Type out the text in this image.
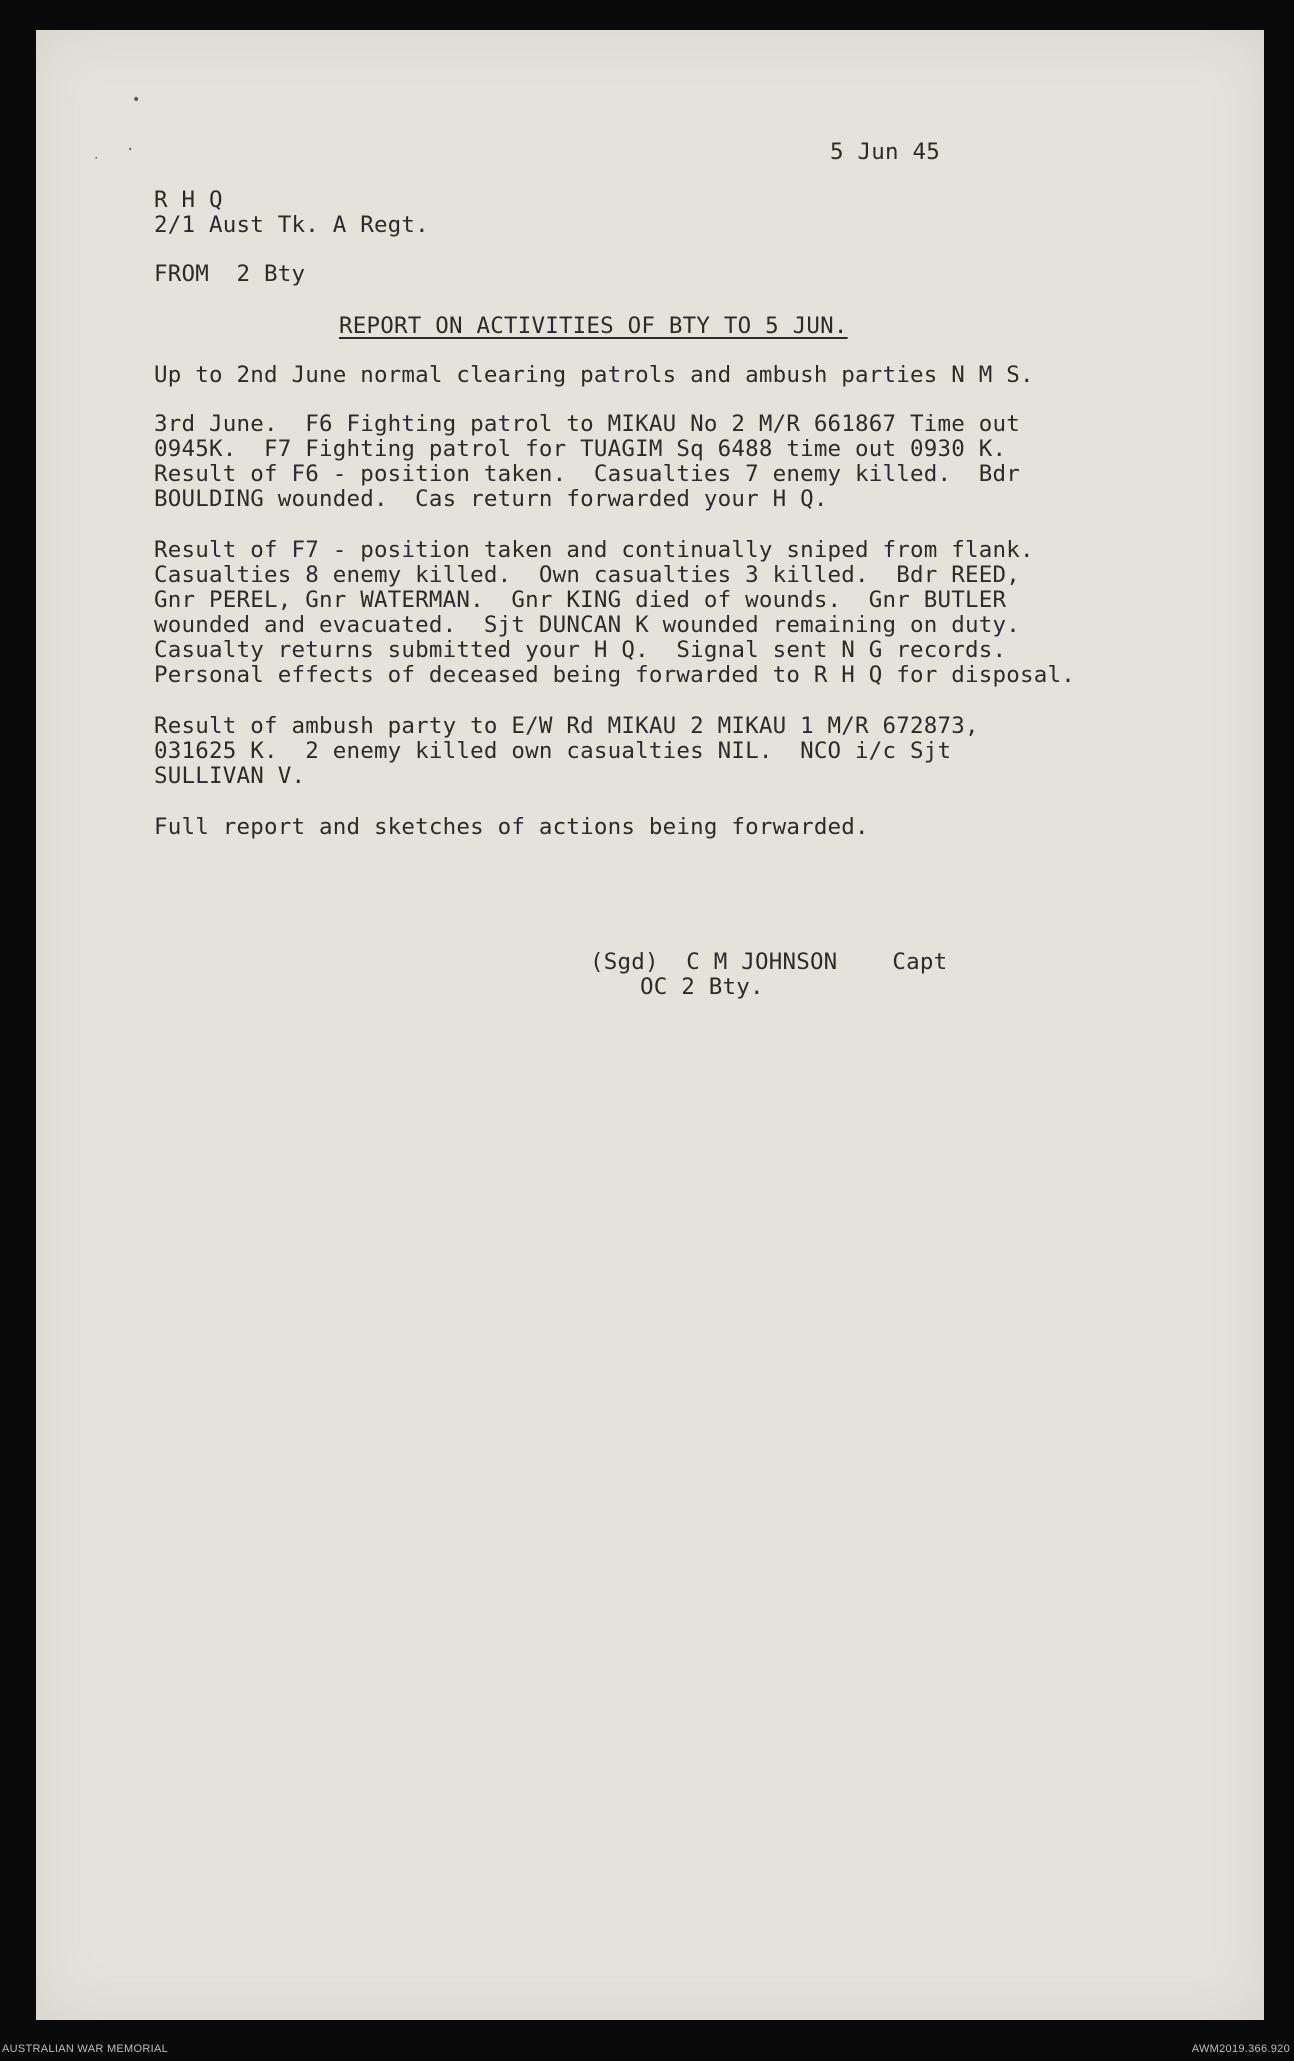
•
·
˙	5 Jun 45
R H Q
2/1 Aust Tk. A Regt.
FROM  2 Bty
REPORT ON ACTIVITIES OF BTY TO 5 JUN.
Up to 2nd June normal clearing patrols and ambush parties N M S.
3rd June.  F6 Fighting patrol to MIKAU No 2 M/R 661867 Time out
0945K.  F7 Fighting patrol for TUAGIM Sq 6488 time out 0930 K.
Result of F6 - position taken.  Casualties 7 enemy killed.  Bdr
BOULDING wounded.  Cas return forwarded your H Q.
Result of F7 - position taken and continually sniped from flank.
Casualties 8 enemy killed.  Own casualties 3 killed.  Bdr REED,
Gnr PEREL, Gnr WATERMAN.  Gnr KING died of wounds.  Gnr BUTLER
wounded and evacuated.  Sjt DUNCAN K wounded remaining on duty.
Casualty returns submitted your H Q.  Signal sent N G records.
Personal effects of deceased being forwarded to R H Q for disposal.
Result of ambush party to E/W Rd MIKAU 2 MIKAU 1 M/R 672873,
031625 K.  2 enemy killed own casualties NIL.  NCO i/c Sjt
SULLIVAN V.
Full report and sketches of actions being forwarded.
(Sgd)  C M JOHNSON    Capt
OC 2 Bty.
AUSTRALIAN WAR MEMORIAL	AWM2019.366.920
